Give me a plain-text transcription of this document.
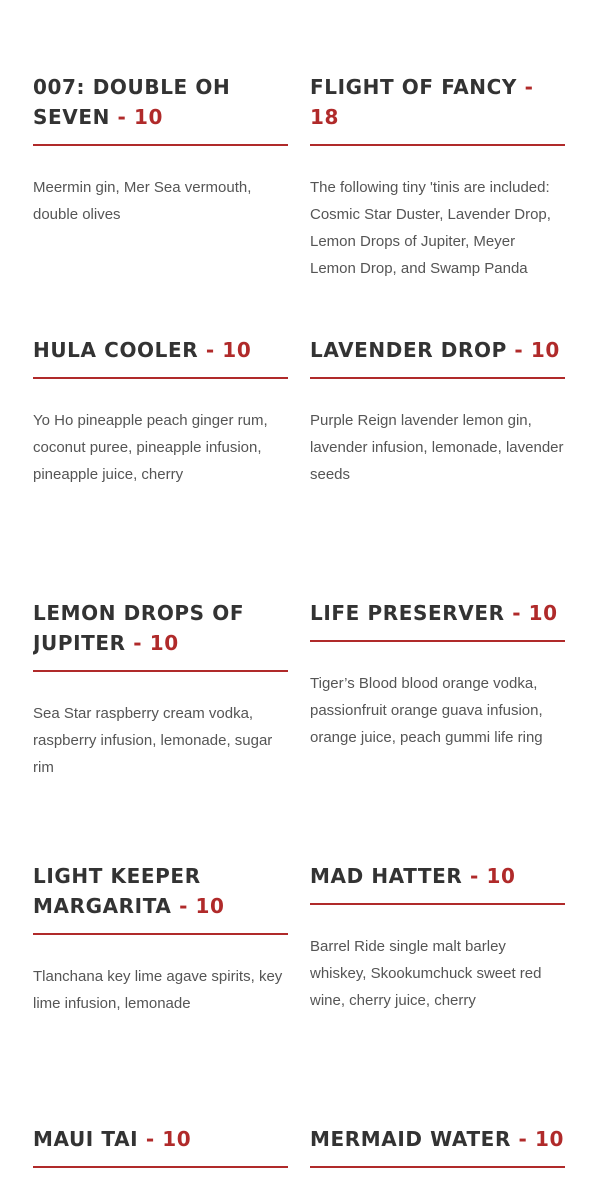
007: DOUBLE OH SEVEN - 10

Meermin gin, Mer Sea vermouth, double olives

FLIGHT OF FANCY - 18

The following tiny 'tinis are included: Cosmic Star Duster, Lavender Drop, Lemon Drops of Jupiter, Meyer Lemon Drop, and Swamp Panda

HULA COOLER - 10

Yo Ho pineapple peach ginger rum, coconut puree, pineapple infusion, pineapple juice, cherry

LAVENDER DROP - 10

Purple Reign lavender lemon gin, lavender infusion, lemonade, lavender seeds

LEMON DROPS OF JUPITER - 10

Sea Star raspberry cream vodka, raspberry infusion, lemonade, sugar rim

LIFE PRESERVER - 10

Tiger’s Blood blood orange vodka, passionfruit orange guava infusion, orange juice, peach gummi life ring

LIGHT KEEPER MARGARITA - 10

Tlanchana key lime agave spirits, key lime infusion, lemonade

MAD HATTER - 10

Barrel Ride single malt barley whiskey, Skookumchuck sweet red wine, cherry juice, cherry

MAUI TAI - 10	MERMAID WATER - 10
